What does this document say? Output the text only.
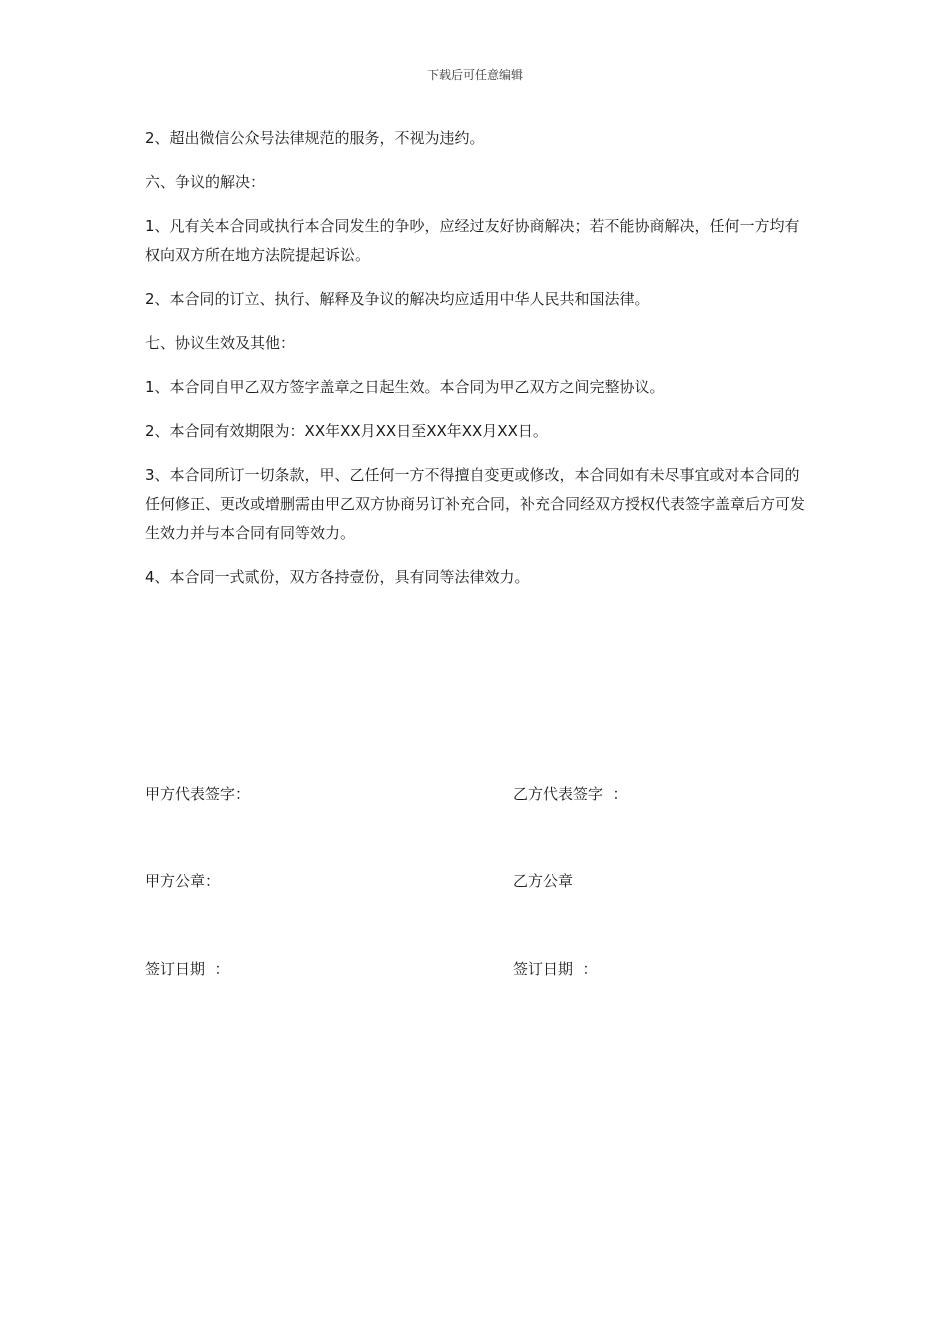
下载后可任意编辑

2、超出微信公众号法律规范的服务，不视为违约。

六、争议的解决：

1、凡有关本合同或执行本合同发生的争吵，应经过友好协商解决；若不能协商解决，任何一方均有权向双方所在地方法院提起诉讼。

2、本合同的订立、执行、解释及争议的解决均应适用中华人民共和国法律。

七、协议生效及其他：

1、本合同自甲乙双方签字盖章之日起生效。本合同为甲乙双方之间完整协议。

2、本合同有效期限为：XX年XX月XX日至XX年XX月XX日。

3、本合同所订一切条款，甲、乙任何一方不得擅自变更或修改，本合同如有未尽事宜或对本合同的任何修正、更改或增删需由甲乙双方协商另订补充合同，补充合同经双方授权代表签字盖章后方可发生效力并与本合同有同等效力。

4、本合同一式贰份，双方各持壹份，具有同等法律效力。

甲方代表签字：	乙方代表签字  ：
甲方公章：	乙方公章
签订日期  ：	签订日期  ：
